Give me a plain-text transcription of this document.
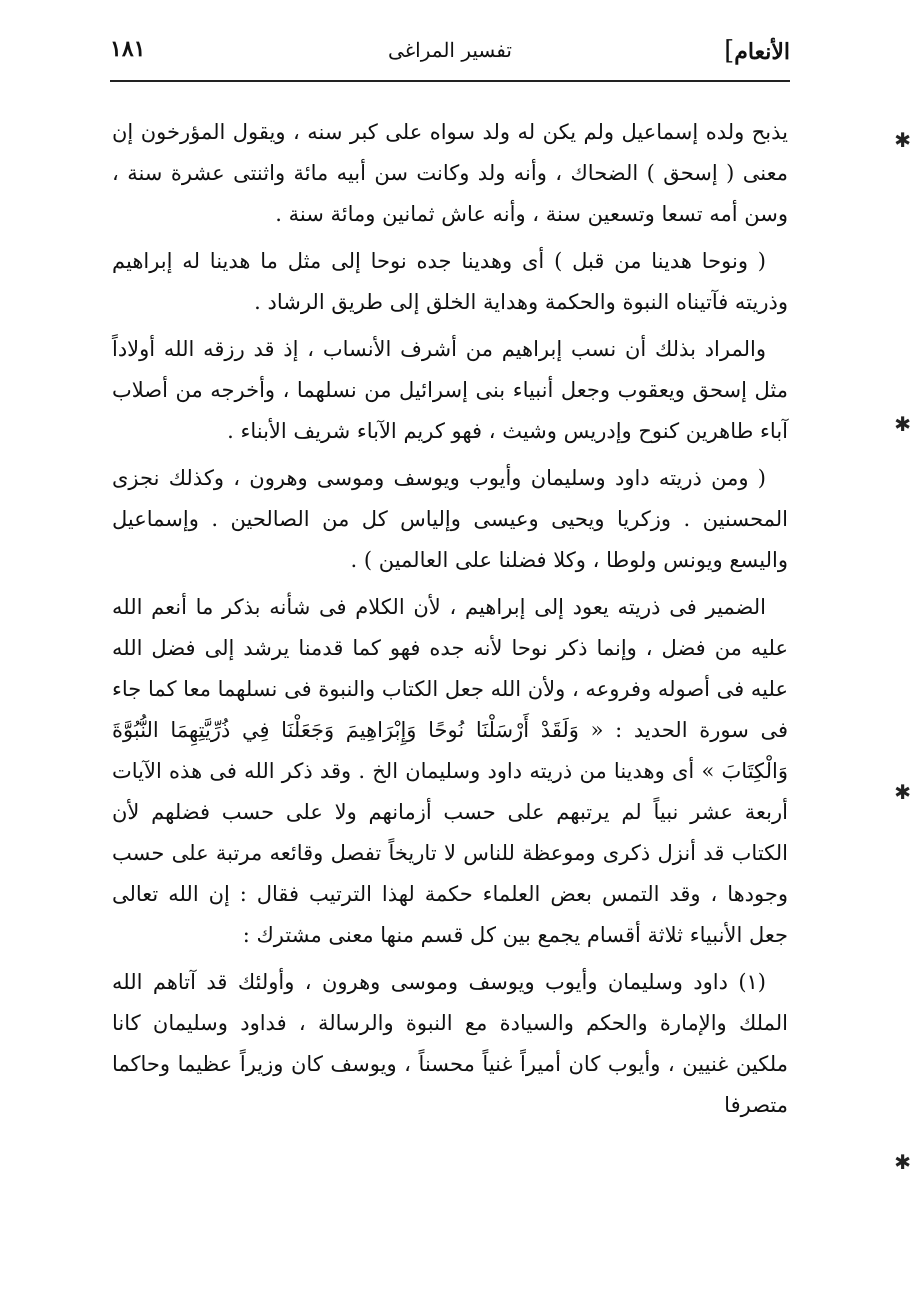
الأنعام]
تفسير المراغى
١٨١
✱
✱
✱
✱

يذبح ولده إسماعيل ولم يكن له ولد سواه على كبر سنه ، ويقول المؤرخون إن معنى ( إسحق ) الضحاك ، وأنه ولد وكانت سن أبيه مائة واثنتى عشرة سنة ، وسن أمه تسعا وتسعين سنة ، وأنه عاش ثمانين ومائة سنة .

( ونوحا هدينا من قبل ) أى وهدينا جده نوحا إلى مثل ما هدينا له إبراهيم وذريته فآتيناه النبوة والحكمة وهداية الخلق إلى طريق الرشاد .

والمراد بذلك أن نسب إبراهيم من أشرف الأنساب ، إذ قد رزقه الله أولاداً مثل إسحق ويعقوب وجعل أنبياء بنى إسرائيل من نسلهما ، وأخرجه من أصلاب آباء طاهرين كنوح وإدريس وشيث ، فهو كريم الآباء شريف الأبناء .

( ومن ذريته داود وسليمان وأيوب ويوسف وموسى وهرون ، وكذلك نجزى المحسنين . وزكريا ويحيى وعيسى وإلياس كل من الصالحين . وإسماعيل واليسع ويونس ولوطا ، وكلا فضلنا على العالمين ) .

الضمير فى ذريته يعود إلى إبراهيم ، لأن الكلام فى شأنه بذكر ما أنعم الله عليه من فضل ، وإنما ذكر نوحا لأنه جده فهو كما قدمنا يرشد إلى فضل الله عليه فى أصوله وفروعه ، ولأن الله جعل الكتاب والنبوة فى نسلهما معا كما جاء فى سورة الحديد : « وَلَقَدْ أَرْسَلْنَا نُوحًا وَإِبْرَاهِيمَ وَجَعَلْنَا فِي ذُرِّيَّتِهِمَا النُّبُوَّةَ وَالْكِتَابَ » أى وهدينا من ذريته داود وسليمان الخ . وقد ذكر الله فى هذه الآيات أربعة عشر نبياً لم يرتبهم على حسب أزمانهم ولا على حسب فضلهم لأن الكتاب قد أنزل ذكرى وموعظة للناس لا تاريخاً تفصل وقائعه مرتبة على حسب وجودها ، وقد التمس بعض العلماء حكمة لهذا الترتيب فقال : إن الله تعالى جعل الأنبياء ثلاثة أقسام يجمع بين كل قسم منها معنى مشترك :

(١) داود وسليمان وأيوب ويوسف وموسى وهرون ، وأولئك قد آتاهم الله الملك والإمارة والحكم والسيادة مع النبوة والرسالة ، فداود وسليمان كانا ملكين غنيين ، وأيوب كان أميراً غنياً محسناً ، ويوسف كان وزيراً عظيما وحاكما متصرفا
